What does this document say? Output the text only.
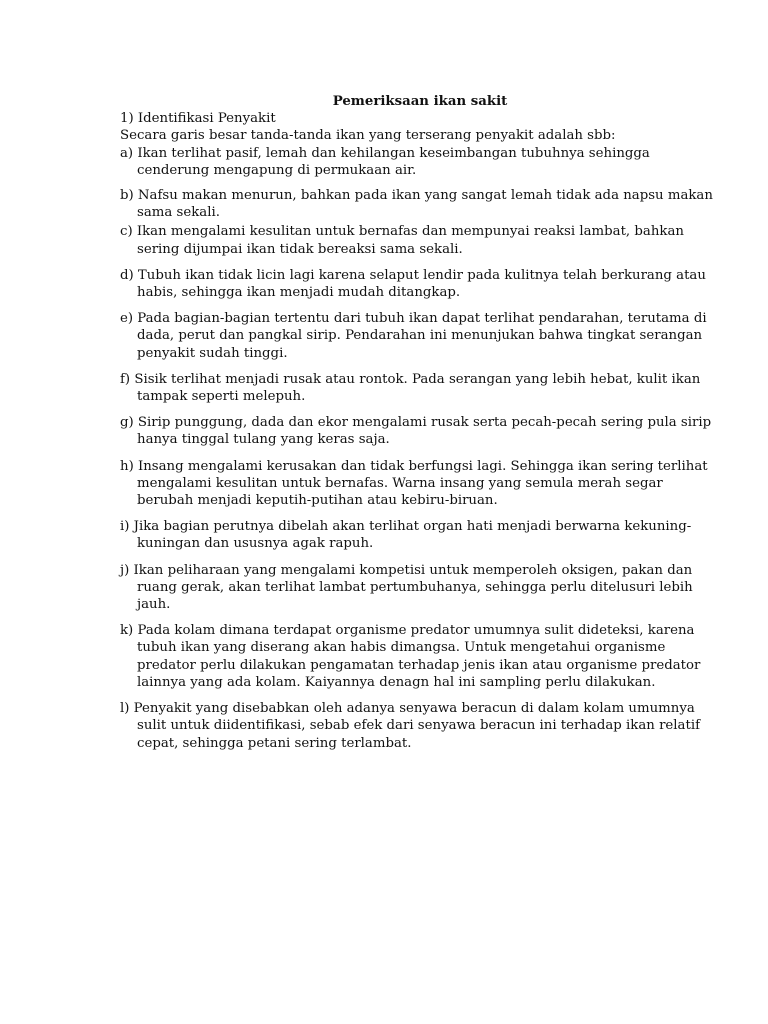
Pemeriksaan ikan sakit

1) Identifikasi Penyakit

Secara garis besar tanda-tanda ikan yang terserang penyakit adalah sbb:

a) Ikan terlihat pasif, lemah dan kehilangan keseimbangan tubuhnya sehingga cenderung mengapung di permukaan air.

b) Nafsu makan menurun, bahkan pada ikan yang sangat lemah tidak ada napsu makan sama sekali.

c) Ikan mengalami kesulitan untuk bernafas dan mempunyai reaksi lambat, bahkan sering dijumpai ikan tidak bereaksi sama sekali.

d) Tubuh ikan tidak licin lagi karena selaput lendir pada kulitnya telah berkurang atau habis, sehingga ikan menjadi mudah ditangkap.

e) Pada bagian-bagian tertentu dari tubuh ikan dapat terlihat pendarahan, terutama di dada, perut dan pangkal sirip. Pendarahan ini menunjukan bahwa tingkat serangan penyakit sudah tinggi.

f) Sisik terlihat menjadi rusak atau rontok. Pada serangan yang lebih hebat, kulit ikan tampak seperti melepuh.

g) Sirip punggung, dada dan ekor mengalami rusak serta pecah-pecah sering pula sirip hanya tinggal tulang yang keras saja.

h) Insang mengalami kerusakan dan tidak berfungsi lagi. Sehingga ikan sering terlihat mengalami kesulitan untuk bernafas. Warna insang yang semula merah segar berubah menjadi keputih-putihan atau kebiru-biruan.

i) Jika bagian perutnya dibelah akan terlihat organ hati menjadi berwarna kekuning-kuningan dan ususnya agak rapuh.

j) Ikan peliharaan yang mengalami kompetisi untuk memperoleh oksigen, pakan dan ruang gerak, akan terlihat lambat pertumbuhanya, sehingga perlu ditelusuri lebih jauh.

k) Pada kolam dimana terdapat organisme predator umumnya sulit dideteksi, karena tubuh ikan yang diserang akan habis dimangsa. Untuk mengetahui organisme predator perlu dilakukan pengamatan terhadap jenis ikan atau organisme predator lainnya yang ada kolam. Kaiyannya denagn hal ini sampling perlu dilakukan.

l) Penyakit yang disebabkan oleh adanya senyawa beracun di dalam kolam umumnya sulit untuk diidentifikasi, sebab efek dari senyawa beracun ini terhadap ikan relatif cepat, sehingga petani sering terlambat.
